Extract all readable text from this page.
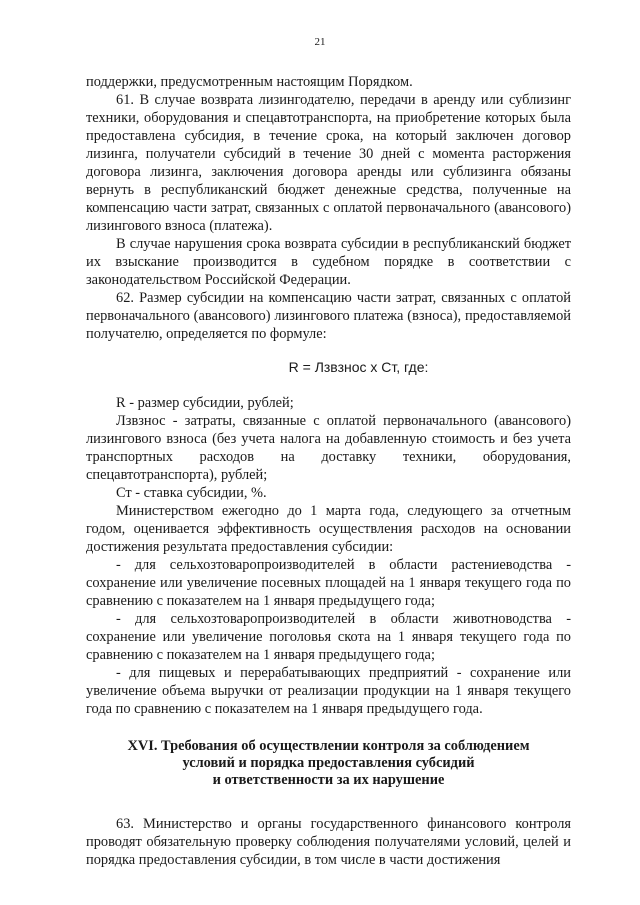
21

поддержки, предусмотренным настоящим Порядком.

61. В случае возврата лизингодателю, передачи в аренду или сублизинг техники, оборудования и спецавтотранспорта, на приобретение которых была предоставлена субсидия, в течение срока, на который заключен договор лизинга, получатели субсидий в течение 30 дней с момента расторжения договора лизинга, заключения договора аренды или сублизинга обязаны вернуть в республиканский бюджет денежные средства, полученные на компенсацию части затрат, связанных с оплатой первоначального (авансового) лизингового взноса (платежа).

В случае нарушения срока возврата субсидии в республиканский бюджет их взыскание производится в судебном порядке в соответствии с законодательством Российской Федерации.

62. Размер субсидии на компенсацию части затрат, связанных с оплатой первоначального (авансового) лизингового платежа (взноса), предоставляемой получателю, определяется по формуле:

R = Лзвзнос х Ст, где:

R - размер субсидии, рублей;

Лзвзнос - затраты, связанные с оплатой первоначального (авансового) лизингового взноса (без учета налога на добавленную стоимость и без учета транспортных расходов на доставку техники, оборудования, спецавтотранспорта), рублей;

Ст - ставка субсидии, %.

Министерством ежегодно до 1 марта года, следующего за отчетным годом, оценивается эффективность осуществления расходов на основании достижения результата предоставления субсидии:

- для сельхозтоваропроизводителей в области растениеводства - сохранение или увеличение посевных площадей на 1 января текущего года по сравнению с показателем на 1 января предыдущего года;

- для сельхозтоваропроизводителей в области животноводства - сохранение или увеличение поголовья скота на 1 января текущего года по сравнению с показателем на 1 января предыдущего года;

- для пищевых и перерабатывающих предприятий - сохранение или увеличение объема выручки от реализации продукции на 1 января текущего года по сравнению с показателем на 1 января предыдущего года.

XVI. Требования об осуществлении контроля за соблюдением
условий и порядка предоставления субсидий
и ответственности за их нарушение

63. Министерство и органы государственного финансового контроля проводят обязательную проверку соблюдения получателями условий, целей и порядка предоставления субсидии, в том числе в части достижения
